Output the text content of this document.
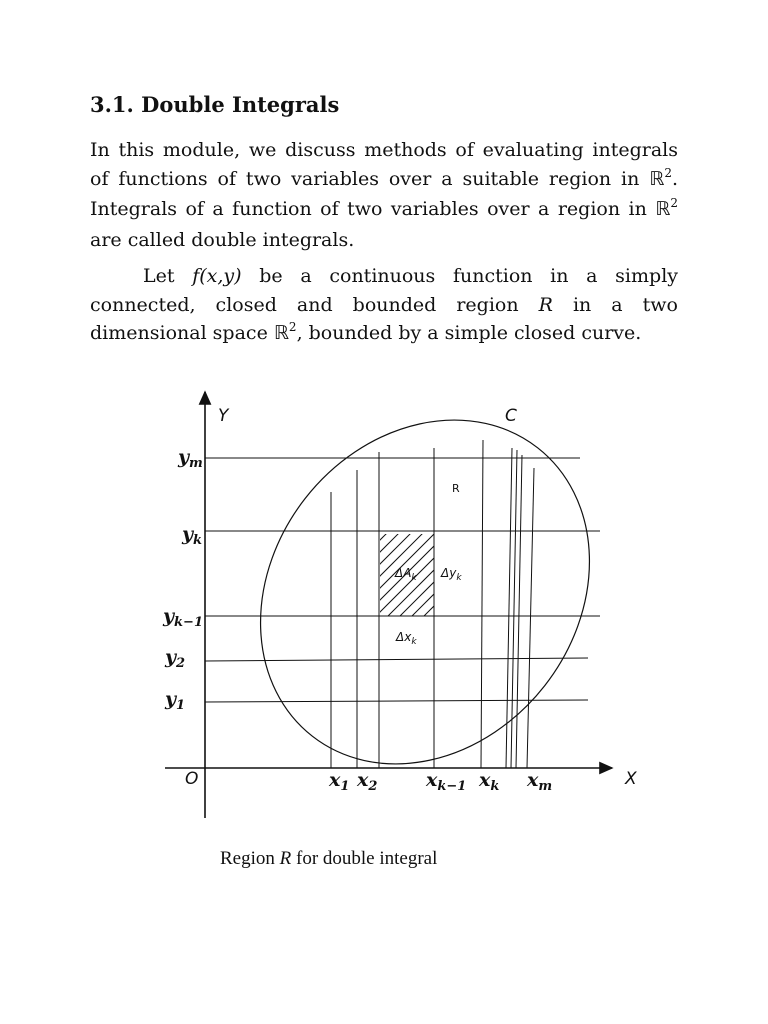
3.1. Double Integrals
In this module, we discuss methods of evaluating integrals
of functions of two variables over a suitable region in ℝ$^2$.
Integrals of a function of two variables over a region in ℝ$^2$
are called double integrals.
Let f(x,y) be a continuous function in a simply
connected, closed and bounded region R in a two
dimensional space ℝ$^2$, bounded by a simple closed curve.
Y
X
O
C
R
$y_m$
$y_k$
$y_{k-1}$
$y_2$
$y_1$
$x_1$ $x_2$	$x_{k-1}$ $x_k$ $x_m$
$\Delta A_k$ $\Delta y_k$
$\Delta x_k$

Region R for double integral
